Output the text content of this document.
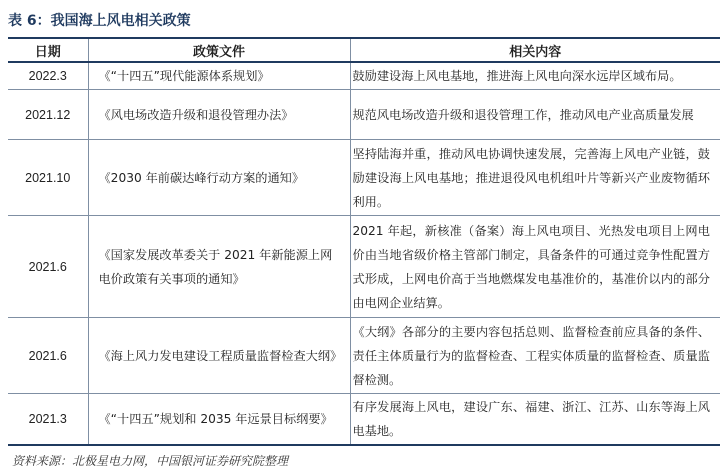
表 6：我国海上风电相关政策
日期	政策文件	相关内容
2022.3	《“十四五”现代能源体系规划》	鼓励建设海上风电基地，推进海上风电向深水远岸区域布局。
2021.12	《风电场改造升级和退役管理办法》	规范风电场改造升级和退役管理工作，推动风电产业高质量发展
2021.10	《2030 年前碳达峰行动方案的通知》	坚持陆海并重，推动风电协调快速发展，完善海上风电产业链，鼓励建设海上风电基地；推进退役风电机组叶片等新兴产业废物循环利用。
2021.6	《国家发展改革委关于 2021 年新能源上网电价政策有关事项的通知》	2021 年起，新核准（备案）海上风电项目、光热发电项目上网电价由当地省级价格主管部门制定，具备条件的可通过竞争性配置方式形成，上网电价高于当地燃煤发电基准价的，基准价以内的部分由电网企业结算。
2021.6	《海上风力发电建设工程质量监督检查大纲》	《大纲》各部分的主要内容包括总则、监督检查前应具备的条件、责任主体质量行为的监督检查、工程实体质量的监督检查、质量监督检测。
2021.3	《“十四五”规划和 2035 年远景目标纲要》	有序发展海上风电，建设广东、福建、浙江、江苏、山东等海上风电基地。
资料来源：北极星电力网，中国银河证券研究院整理
